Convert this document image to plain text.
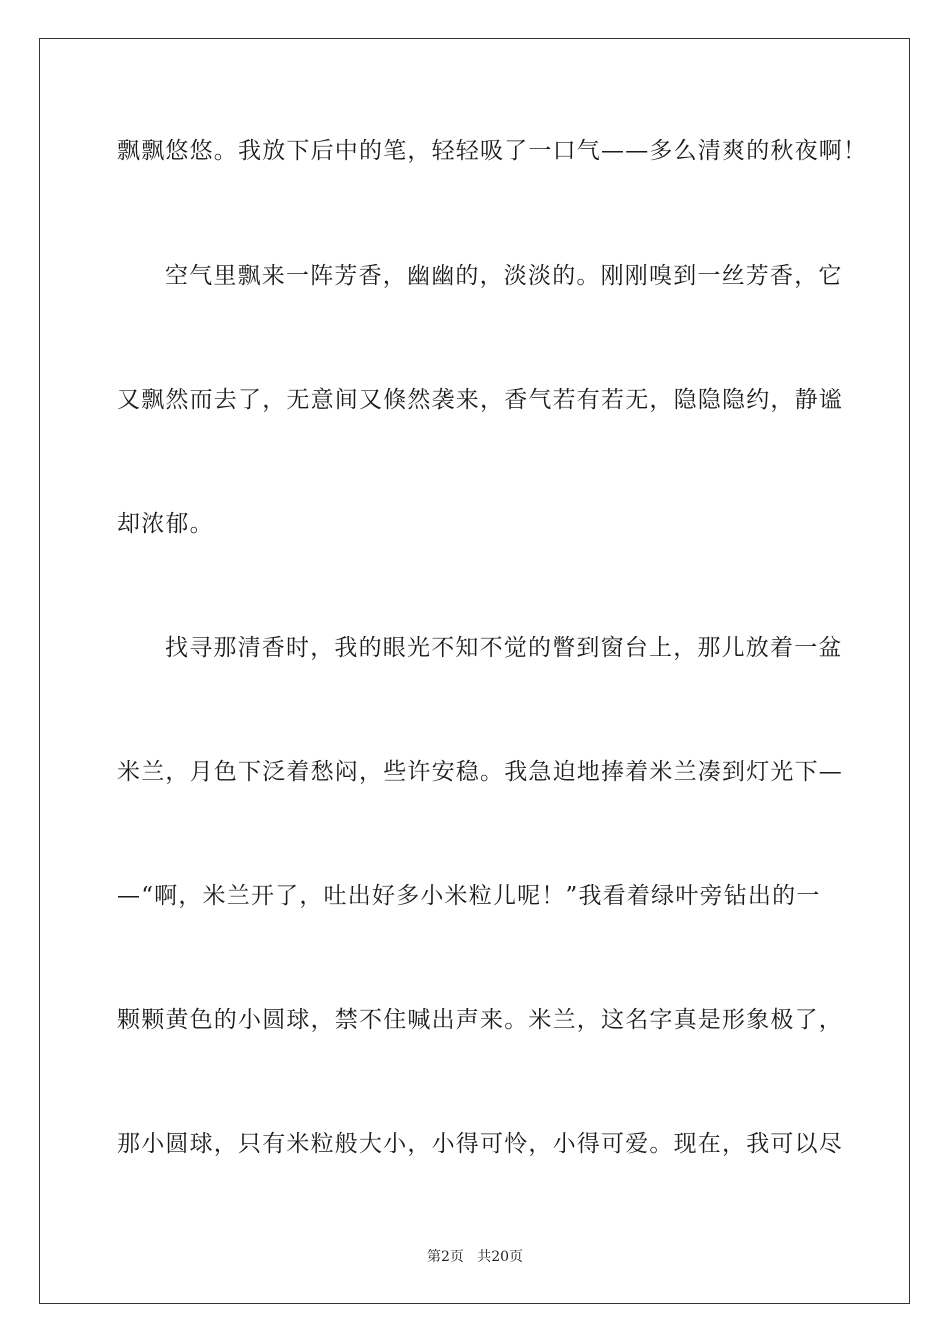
飘飘悠悠。我放下后中的笔，轻轻吸了一口气——多么清爽的秋夜啊！
空气里飘来一阵芳香，幽幽的，淡淡的。刚刚嗅到一丝芳香，它
又飘然而去了，无意间又倏然袭来，香气若有若无，隐隐隐约，静谧
却浓郁。
找寻那清香时，我的眼光不知不觉的瞥到窗台上，那儿放着一盆
米兰，月色下泛着愁闷，些许安稳。我急迫地捧着米兰凑到灯光下—
—“啊，米兰开了，吐出好多小米粒儿呢！”我看着绿叶旁钻出的一
颗颗黄色的小圆球，禁不住喊出声来。米兰，这名字真是形象极了，
那小圆球，只有米粒般大小，小得可怜，小得可爱。现在，我可以尽
第2页   共20页
